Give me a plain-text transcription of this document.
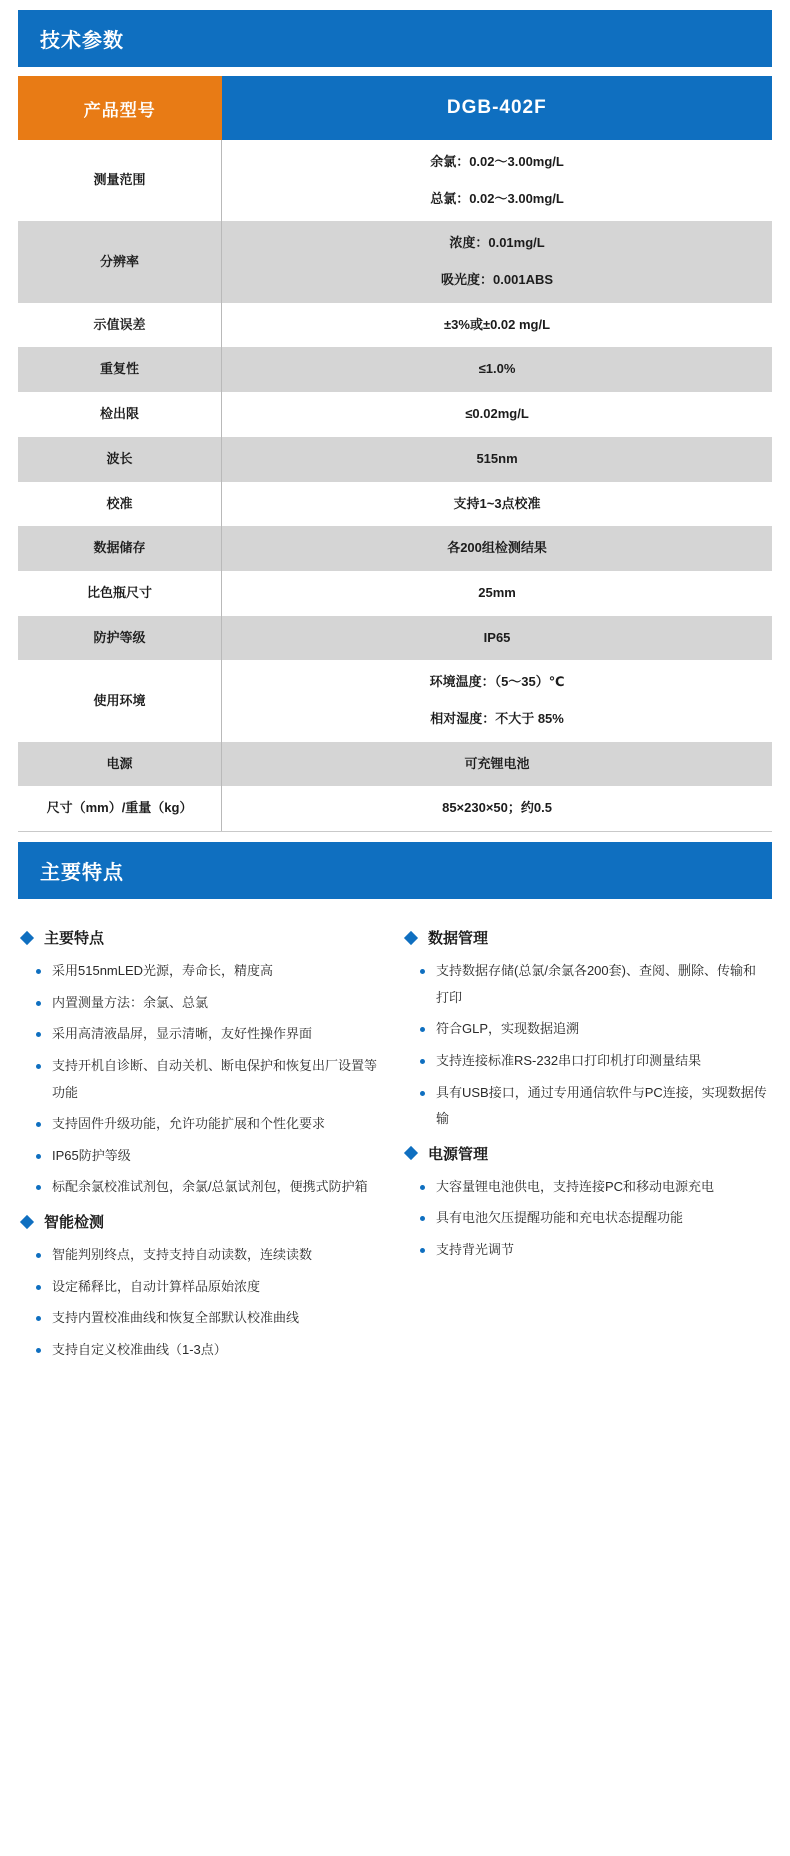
技术参数
产品型号	DGB-402F
测量范围	余氯：0.02～3.00mg/L
总氯：0.02～3.00mg/L

分辨率	浓度：0.01mg/L
吸光度：0.001ABS

示值误差	±3%或±0.02 mg/L

重复性	≤1.0%

检出限	≤0.02mg/L

波长	515nm

校准	支持1~3点校准

数据储存	各200组检测结果

比色瓶尺寸	25mm

防护等级	IP65

使用环境	环境温度：（5～35）℃
相对湿度：不大于 85%

电源	可充锂电池

尺寸（mm）/重量（kg）	85×230×50；约0.5
主要特点
主要特点
采用515nmLED光源，寿命长，精度高
内置测量方法：余氯、总氯
采用高清液晶屏，显示清晰，友好性操作界面
支持开机自诊断、自动关机、断电保护和恢复出厂设置等功能
支持固件升级功能，允许功能扩展和个性化要求
IP65防护等级
标配余氯校准试剂包，余氯/总氯试剂包，便携式防护箱
智能检测
智能判别终点，支持支持自动读数，连续读数
设定稀释比，自动计算样品原始浓度
支持内置校准曲线和恢复全部默认校准曲线
支持自定义校准曲线（1-3点）
数据管理
支持数据存储(总氯/余氯各200套)、查阅、删除、传输和打印
符合GLP，实现数据追溯
支持连接标准RS-232串口打印机打印测量结果
具有USB接口，通过专用通信软件与PC连接，实现数据传输
电源管理
大容量锂电池供电，支持连接PC和移动电源充电
具有电池欠压提醒功能和充电状态提醒功能
支持背光调节
